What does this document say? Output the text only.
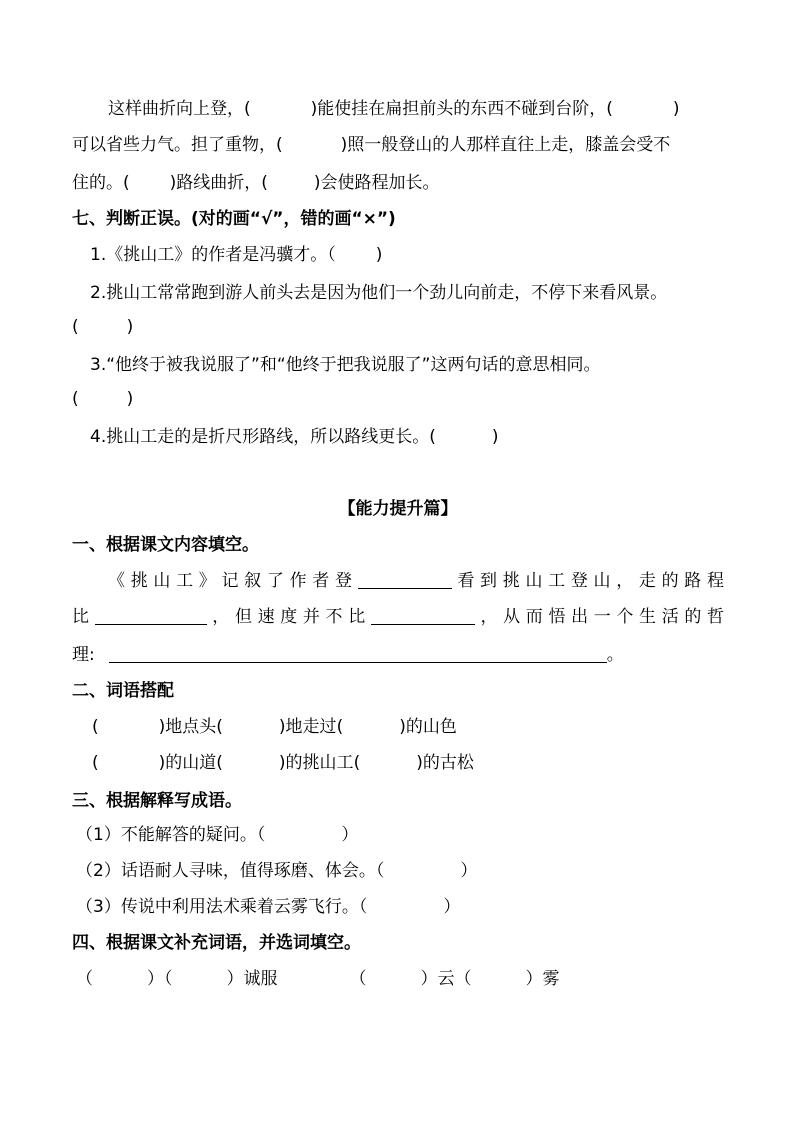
这样曲折向上登，(	)能使挂在扁担前头的东西不碰到台阶，(	)
可以省些力气。担了重物，(	)照一般登山的人那样直往上走，膝盖会受不
住的。( )路线曲折，(	)会使路程加长。
七、判断正误。(对的画“√”，错的画“×”)
1.《挑山工》的作者是冯骥才。（ )
2.挑山工常常跑到游人前头去是因为他们一个劲儿向前走，不停下来看风景。
(	)
3.“他终于被我说服了”和“他终于把我说服了”这两句话的意思相同。
(	)
4.挑山工走的是折尺形路线，所以路线更长。(	)
【能力提升篇】
一、根据课文内容填空。
《挑山工》记叙了作者登	看到挑山工登山，走的路程
比	，但速度并不比	，从而悟出一个生活的哲
理:	。
二、词语搭配
(	)地点头(	)地走过(	)的山色
(	)的山道(	)的挑山工(	)的古松
三、根据解释写成语。
（1）不能解答的疑问。（	）
（2）话语耐人寻味，值得琢磨、体会。（	）
（3）传说中利用法术乘着云雾飞行。（	）
四、根据课文补充词语，并选词填空。
（	）（	）诚服	（	）云（	）雾
